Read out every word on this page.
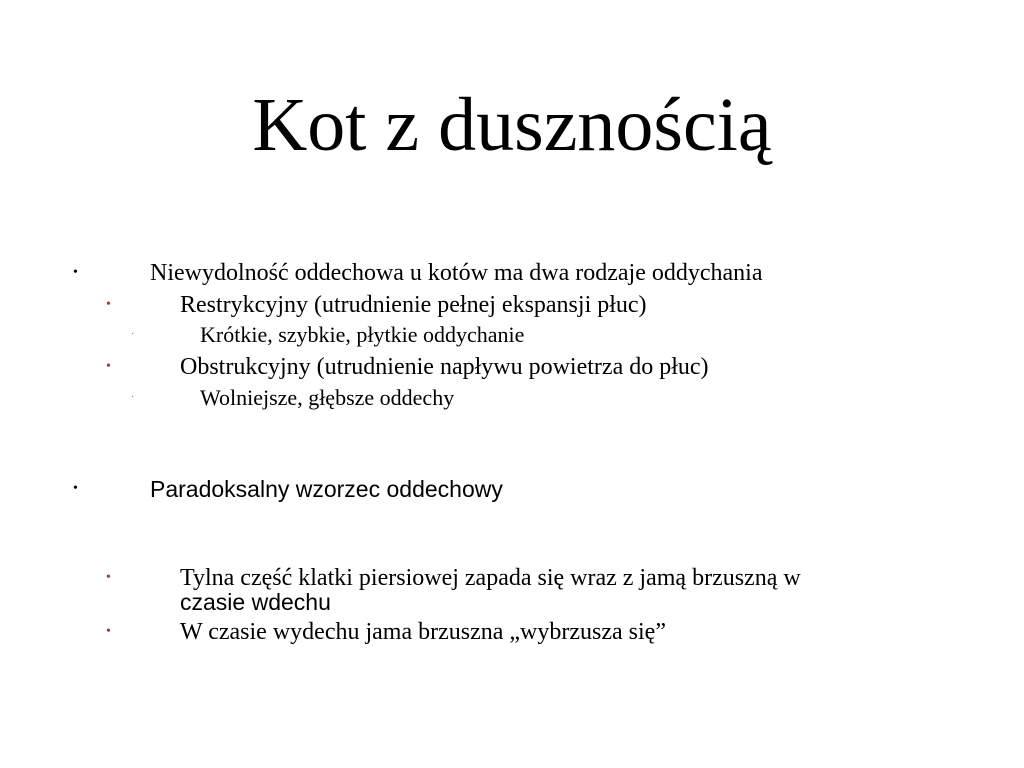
Kot z dusznością
•	Niewydolność oddechowa u kotów ma dwa rodzaje oddychania
•	Restrykcyjny (utrudnienie pełnej ekspansji płuc)
·	Krótkie, szybkie, płytkie oddychanie
•	Obstrukcyjny (utrudnienie napływu powietrza do płuc)
·	Wolniejsze, głębsze oddechy
•	Paradoksalny wzorzec oddechowy
•	Tylna część klatki piersiowej zapada się wraz z jamą brzuszną w
czasie wdechu
•	W czasie wydechu jama brzuszna „wybrzusza się”
